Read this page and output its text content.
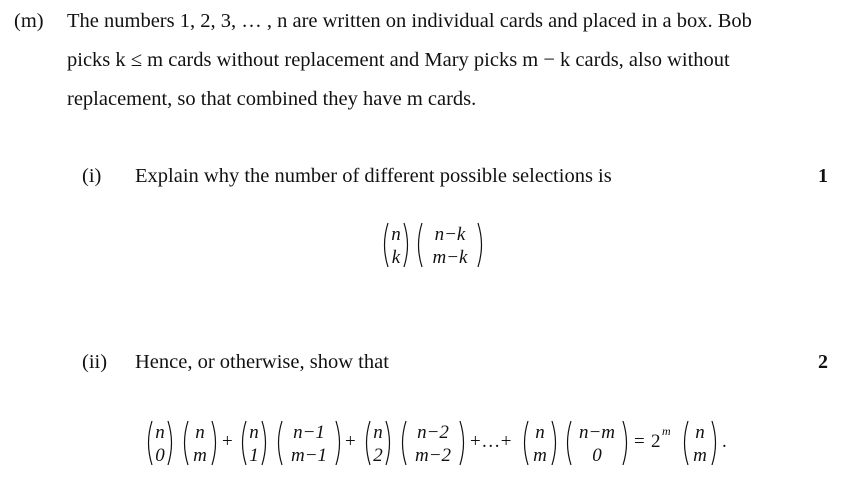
(m) The numbers 1, 2, 3, … , n are written on individual cards and placed in a box. Bob
picks k ≤ m cards without replacement and Mary picks m − k cards, also without
replacement, so that combined they have m cards.
(i) Explain why the number of different possible selections is	1
n
k
n−k
m−k
(ii) Hence, or otherwise, show that	2
n
0
n
m
+ n
1
n−1
m−1
+ n
2
n−2
m−2
+…+	n
m
n−m
0
= 2 m	n
m
.
